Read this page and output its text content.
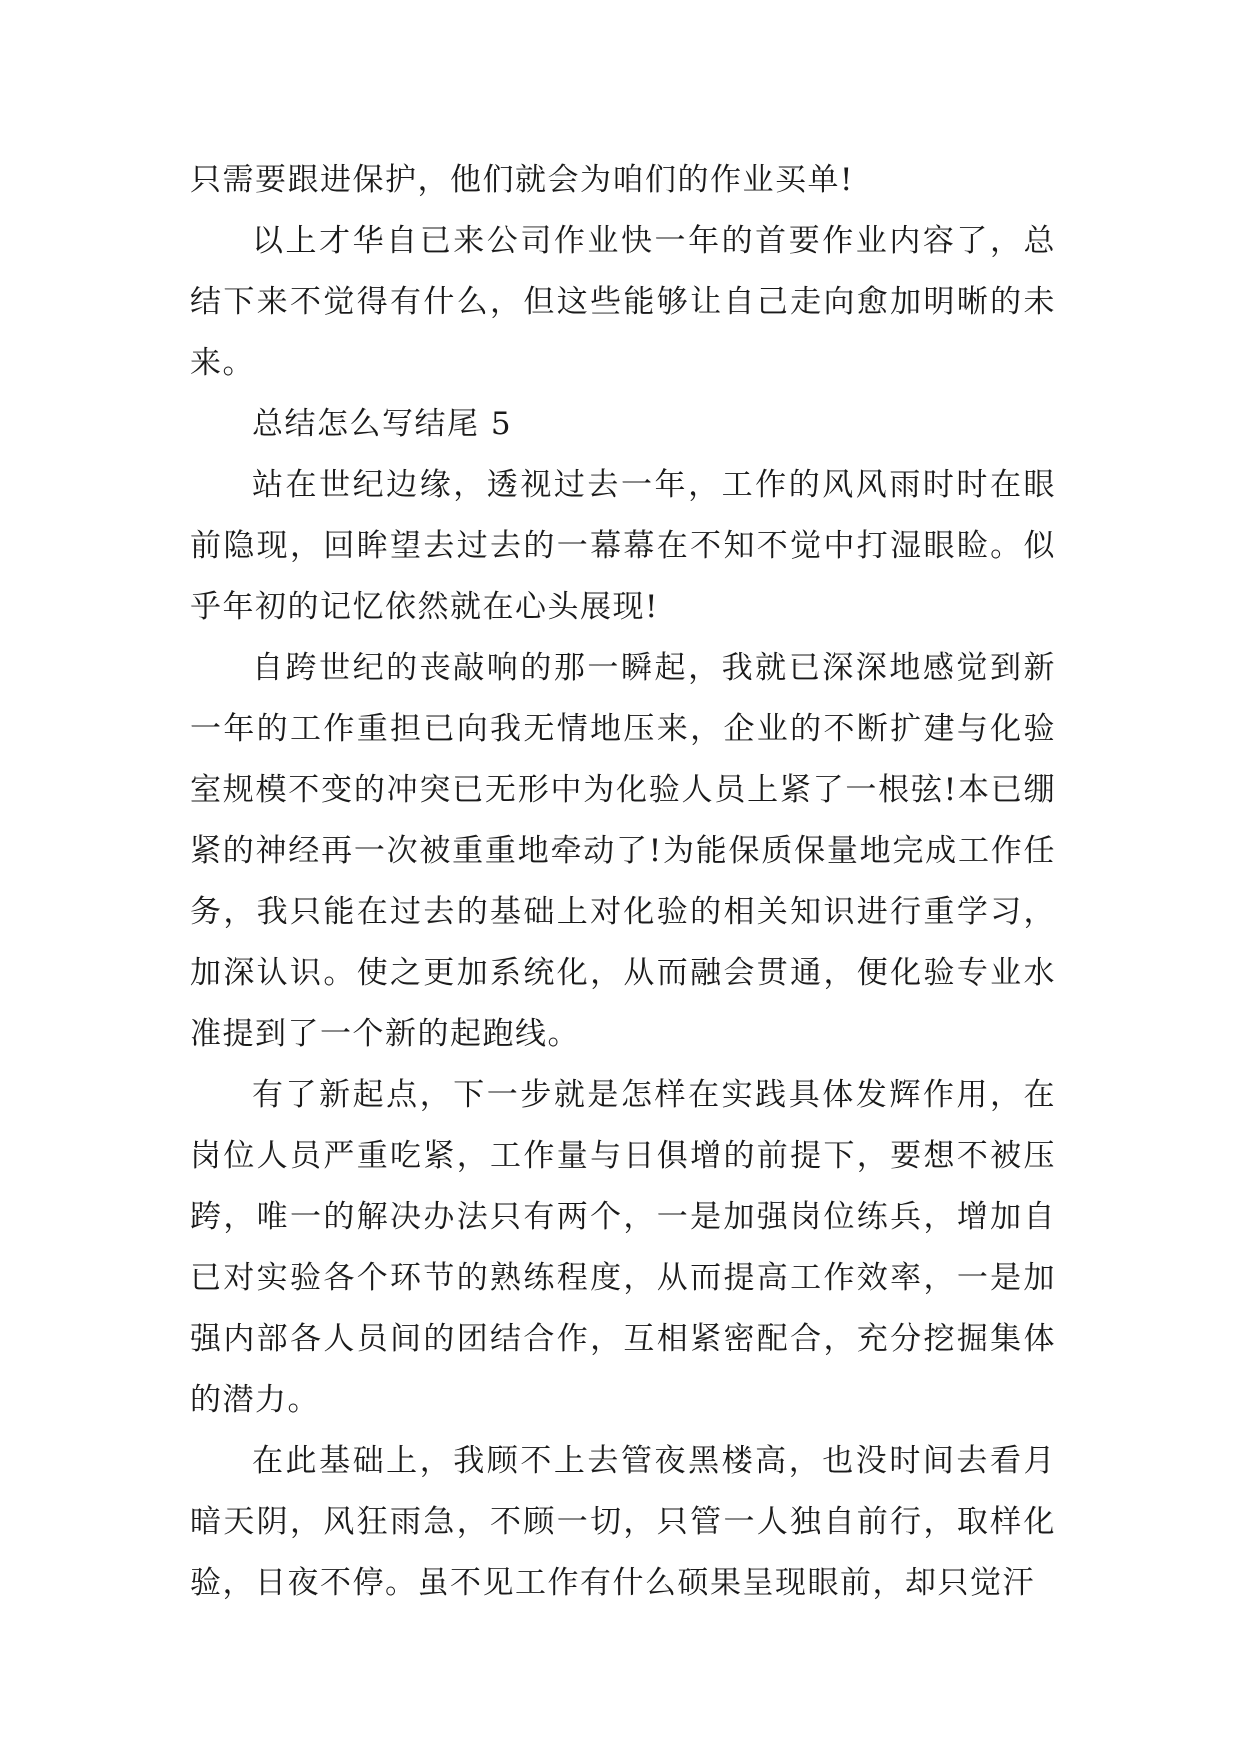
只需要跟进保护，他们就会为咱们的作业买单!

以上才华自已来公司作业快一年的首要作业内容了，总结下来不觉得有什么，但这些能够让自己走向愈加明晰的未来。

总结怎么写结尾 5

站在世纪边缘，透视过去一年，工作的风风雨时时在眼前隐现，回眸望去过去的一幕幕在不知不觉中打湿眼睑。似乎年初的记忆依然就在心头展现!

自跨世纪的丧敲响的那一瞬起，我就已深深地感觉到新一年的工作重担已向我无情地压来，企业的不断扩建与化验室规模不变的冲突已无形中为化验人员上紧了一根弦!本已绷紧的神经再一次被重重地牵动了!为能保质保量地完成工作任务，我只能在过去的基础上对化验的相关知识进行重学习，加深认识。使之更加系统化，从而融会贯通，便化验专业水准提到了一个新的起跑线。

有了新起点，下一步就是怎样在实践具体发辉作用，在岗位人员严重吃紧，工作量与日俱增的前提下，要想不被压跨，唯一的解决办法只有两个，一是加强岗位练兵，增加自已对实验各个环节的熟练程度，从而提高工作效率，一是加强内部各人员间的团结合作，互相紧密配合，充分挖掘集体的潜力。

在此基础上，我顾不上去管夜黑楼高，也没时间去看月暗天阴，风狂雨急，不顾一切，只管一人独自前行，取样化验，日夜不停。虽不见工作有什么硕果呈现眼前，却只觉汗
